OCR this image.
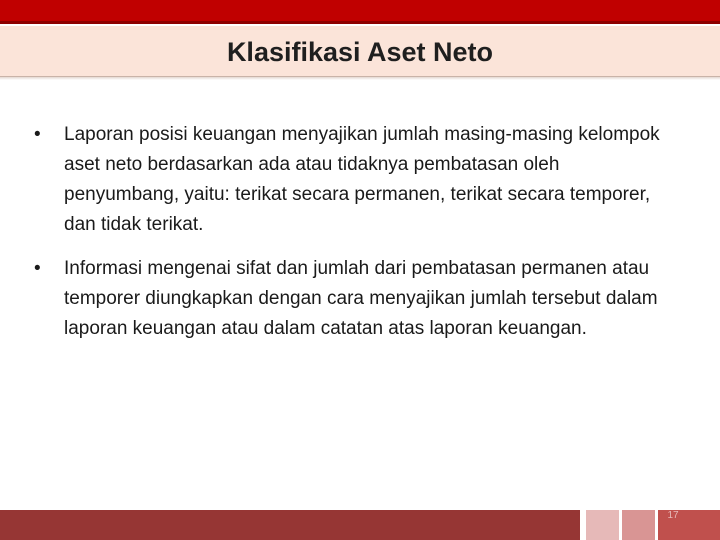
Klasifikasi Aset Neto
• Laporan posisi keuangan menyajikan jumlah masing-masing kelompok aset neto berdasarkan ada atau tidaknya pembatasan oleh penyumbang, yaitu: terikat secara permanen, terikat secara temporer, dan tidak terikat.
• Informasi mengenai sifat dan jumlah dari pembatasan permanen atau temporer diungkapkan dengan cara menyajikan jumlah tersebut dalam laporan keuangan atau dalam catatan atas laporan keuangan.
17
